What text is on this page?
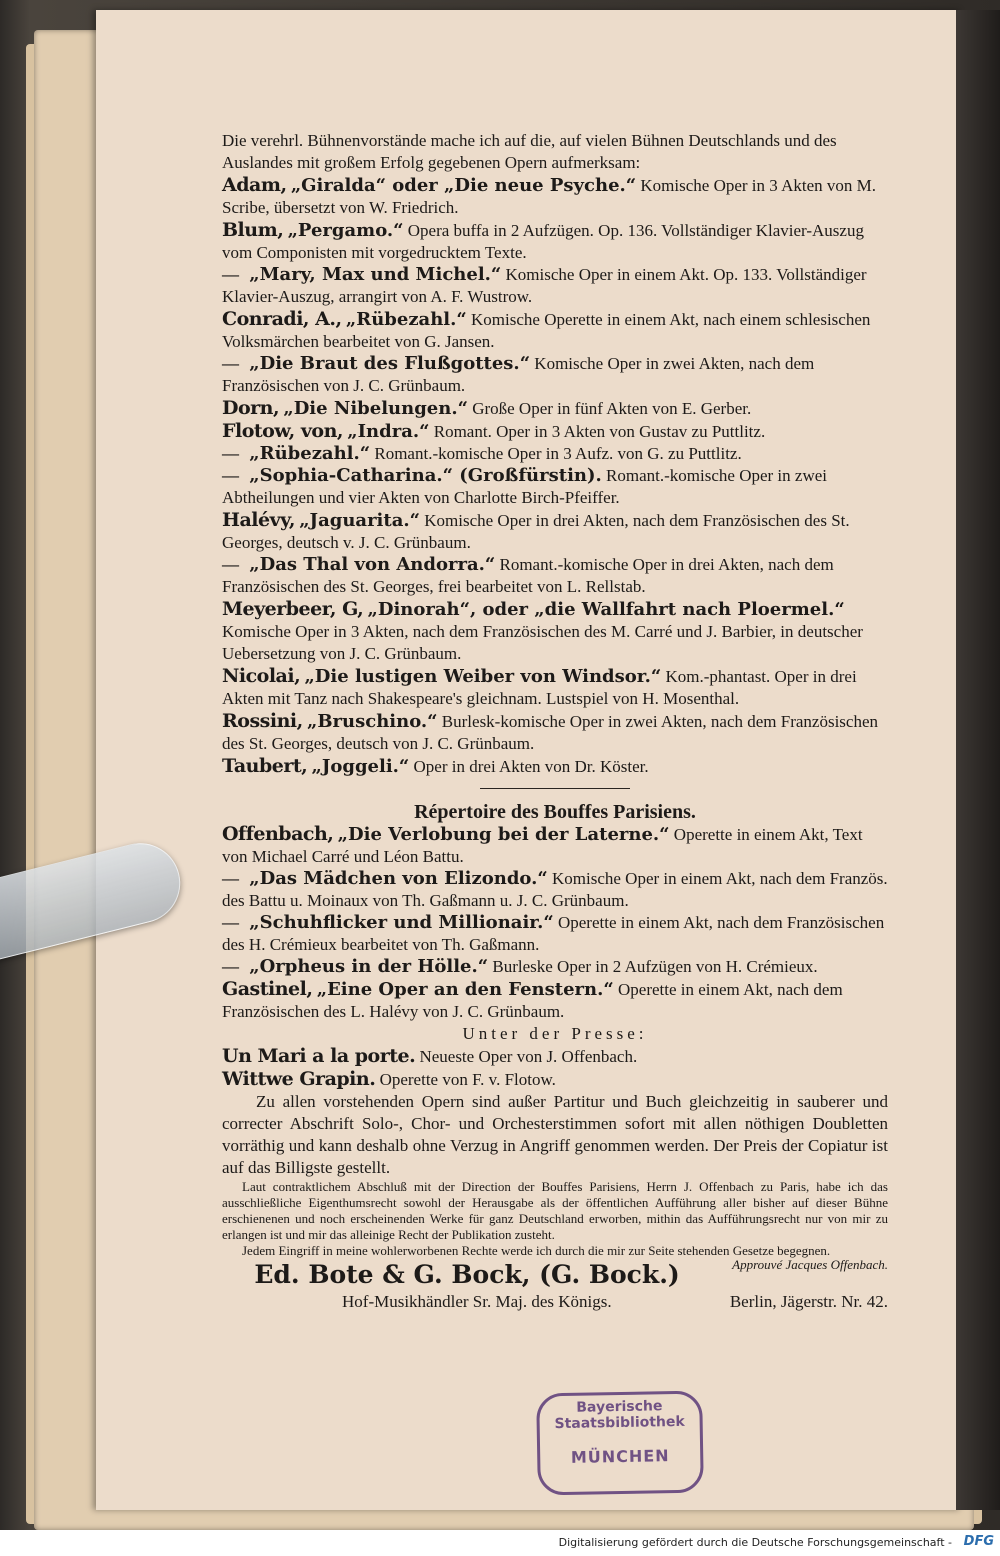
Die verehrl. Bühnenvorstände mache ich auf die, auf vielen Bühnen Deutschlands und des Auslandes mit großem Erfolg gegebenen Opern aufmerksam:

Adam, „Giralda“ oder „Die neue Psyche.“ Komische Oper in 3 Akten von M. Scribe, übersetzt von W. Friedrich.

Blum, „Pergamo.“ Opera buffa in 2 Aufzügen. Op. 136. Vollständiger Klavier-Auszug vom Componisten mit vorgedrucktem Texte.

— „Mary, Max und Michel.“ Komische Oper in einem Akt. Op. 133. Vollständiger Klavier-Auszug, arrangirt von A. F. Wustrow.

Conradi, A., „Rübezahl.“ Komische Operette in einem Akt, nach einem schlesischen Volksmärchen bearbeitet von G. Jansen.

— „Die Braut des Flußgottes.“ Komische Oper in zwei Akten, nach dem Französischen von J. C. Grünbaum.

Dorn, „Die Nibelungen.“ Große Oper in fünf Akten von E. Gerber.

Flotow, von, „Indra.“ Romant. Oper in 3 Akten von Gustav zu Puttlitz.

— „Rübezahl.“ Romant.-komische Oper in 3 Aufz. von G. zu Puttlitz.

— „Sophia-Catharina.“ (Großfürstin). Romant.-komische Oper in zwei Abtheilungen und vier Akten von Charlotte Birch-Pfeiffer.

Halévy, „Jaguarita.“ Komische Oper in drei Akten, nach dem Französischen des St. Georges, deutsch v. J. C. Grünbaum.

— „Das Thal von Andorra.“ Romant.-komische Oper in drei Akten, nach dem Französischen des St. Georges, frei bearbeitet von L. Rellstab.

Meyerbeer, G, „Dinorah“, oder „die Wallfahrt nach Ploermel.“ Komische Oper in 3 Akten, nach dem Französischen des M. Carré und J. Barbier, in deutscher Uebersetzung von J. C. Grünbaum.

Nicolai, „Die lustigen Weiber von Windsor.“ Kom.-phantast. Oper in drei Akten mit Tanz nach Shakespeare's gleichnam. Lustspiel von H. Mosenthal.

Rossini, „Bruschino.“ Burlesk-komische Oper in zwei Akten, nach dem Französischen des St. Georges, deutsch von J. C. Grünbaum.

Taubert, „Joggeli.“ Oper in drei Akten von Dr. Köster.

Répertoire des Bouffes Parisiens.

Offenbach, „Die Verlobung bei der Laterne.“ Operette in einem Akt, Text von Michael Carré und Léon Battu.

— „Das Mädchen von Elizondo.“ Komische Oper in einem Akt, nach dem Französ. des Battu u. Moinaux von Th. Gaßmann u. J. C. Grünbaum.

— „Schuhflicker und Millionair.“ Operette in einem Akt, nach dem Französischen des H. Crémieux bearbeitet von Th. Gaßmann.

— „Orpheus in der Hölle.“ Burleske Oper in 2 Aufzügen von H. Crémieux.

Gastinel, „Eine Oper an den Fenstern.“ Operette in einem Akt, nach dem Französischen des L. Halévy von J. C. Grünbaum.

Unter der Presse:

Un Mari a la porte. Neueste Oper von J. Offenbach.

Wittwe Grapin. Operette von F. v. Flotow.

Zu allen vorstehenden Opern sind außer Partitur und Buch gleichzeitig in sauberer und correcter Abschrift Solo-, Chor- und Orchesterstimmen sofort mit allen nöthigen Doubletten vorräthig und kann deshalb ohne Verzug in Angriff genommen werden. Der Preis der Copiatur ist auf das Billigste gestellt.

Laut contraktlichem Abschluß mit der Direction der Bouffes Parisiens, Herrn J. Offenbach zu Paris, habe ich das ausschließliche Eigenthumsrecht sowohl der Herausgabe als der öffentlichen Aufführung aller bisher auf dieser Bühne erschienenen und noch erscheinenden Werke für ganz Deutschland erworben, mithin das Aufführungsrecht nur von mir zu erlangen ist und mir das alleinige Recht der Publikation zusteht.

Jedem Eingriff in meine wohlerworbenen Rechte werde ich durch die mir zur Seite stehenden Gesetze begegnen.
Approuvé Jacques Offenbach.

Ed. Bote & G. Bock, (G. Bock.)

Hof-Musikhändler Sr. Maj. des Königs.	Berlin, Jägerstr. Nr. 42.

Bayerische
Staatsbibliothek
MÜNCHEN
Digitalisierung gefördert durch die Deutsche Forschungsgemeinschaft - DFG
